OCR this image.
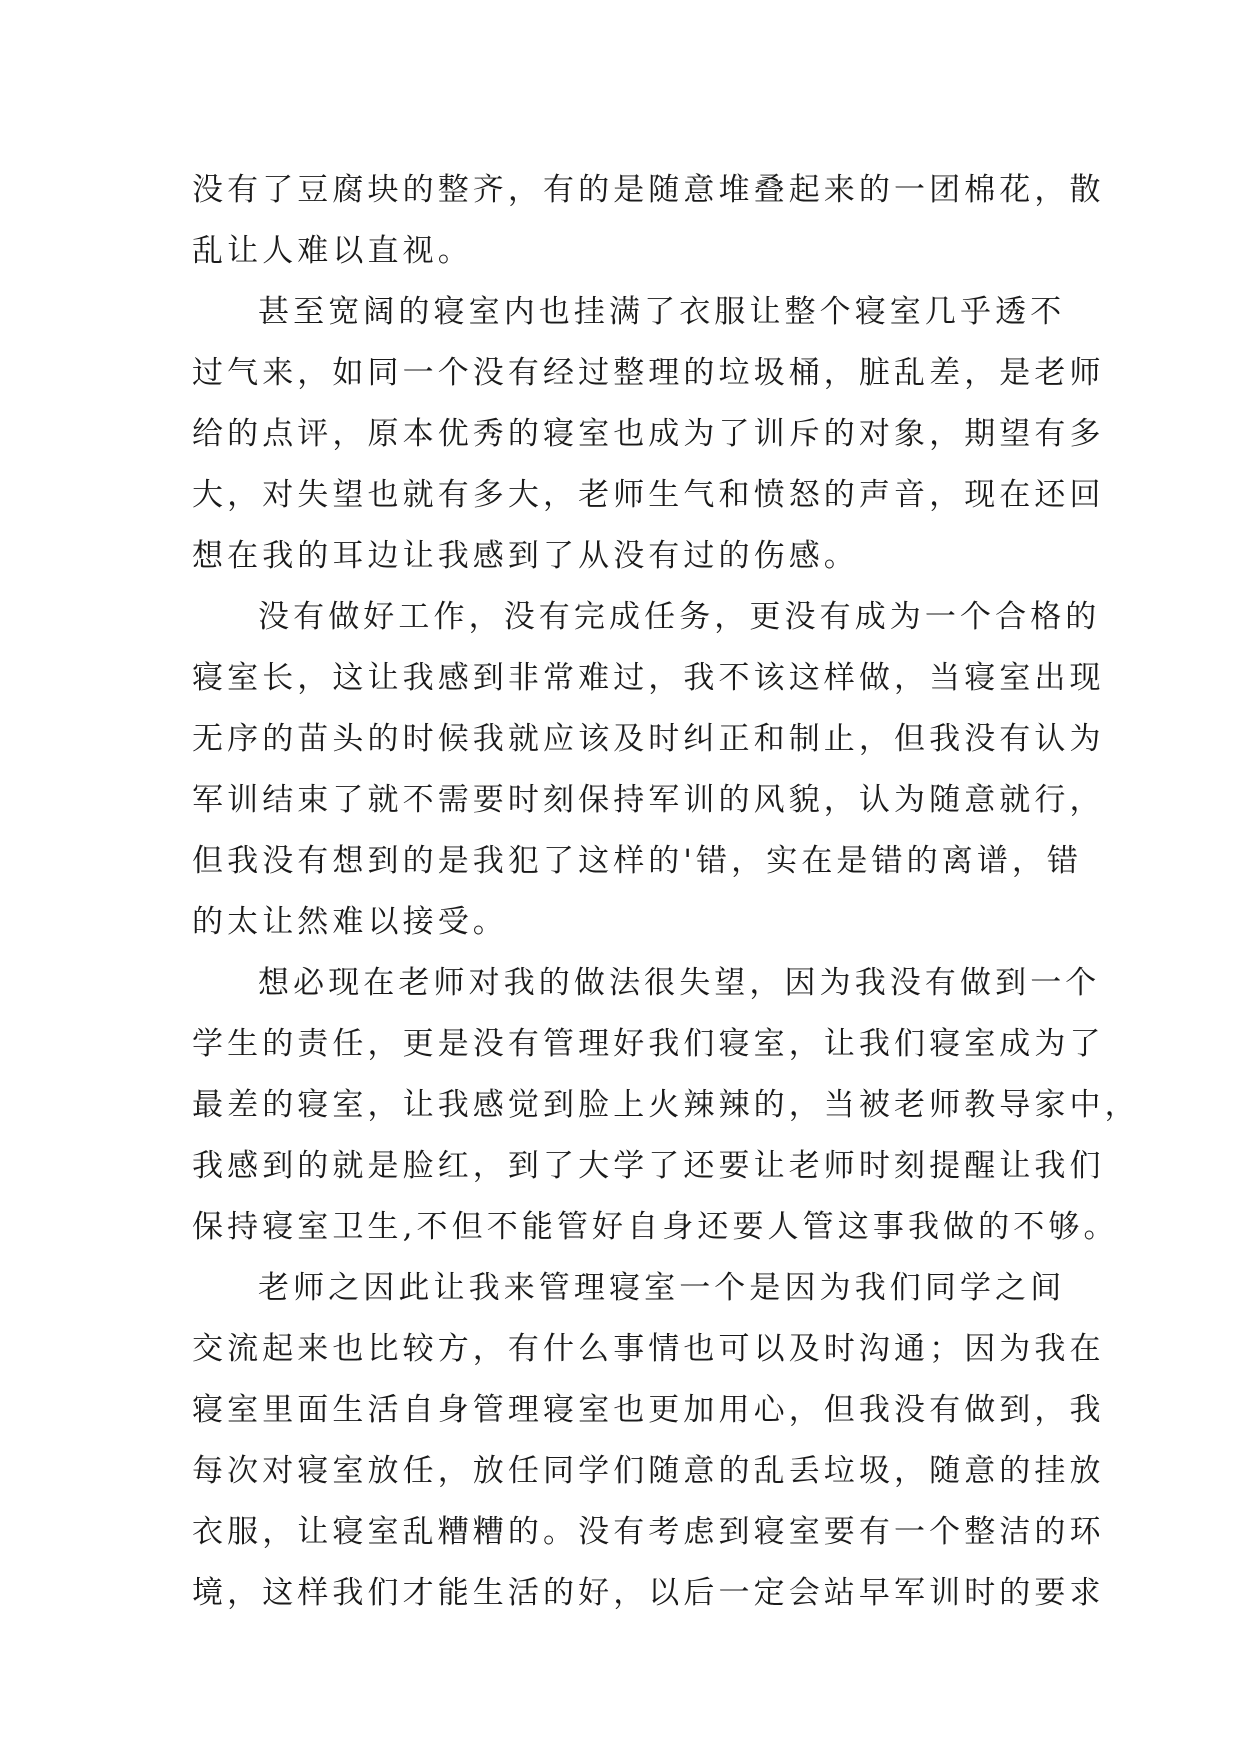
没有了豆腐块的整齐，有的是随意堆叠起来的一团棉花，散
乱让人难以直视。
甚至宽阔的寝室内也挂满了衣服让整个寝室几乎透不
过气来，如同一个没有经过整理的垃圾桶，脏乱差，是老师
给的点评，原本优秀的寝室也成为了训斥的对象，期望有多
大，对失望也就有多大，老师生气和愤怒的声音，现在还回
想在我的耳边让我感到了从没有过的伤感。
没有做好工作，没有完成任务，更没有成为一个合格的
寝室长，这让我感到非常难过，我不该这样做，当寝室出现
无序的苗头的时候我就应该及时纠正和制止，但我没有认为
军训结束了就不需要时刻保持军训的风貌，认为随意就行，
但我没有想到的是我犯了这样的'错，实在是错的离谱，错
的太让然难以接受。
想必现在老师对我的做法很失望，因为我没有做到一个
学生的责任，更是没有管理好我们寝室，让我们寝室成为了
最差的寝室，让我感觉到脸上火辣辣的，当被老师教导家中，
我感到的就是脸红，到了大学了还要让老师时刻提醒让我们
保持寝室卫生,不但不能管好自身还要人管这事我做的不够。
老师之因此让我来管理寝室一个是因为我们同学之间
交流起来也比较方，有什么事情也可以及时沟通；因为我在
寝室里面生活自身管理寝室也更加用心，但我没有做到，我
每次对寝室放任，放任同学们随意的乱丢垃圾，随意的挂放
衣服，让寝室乱糟糟的。没有考虑到寝室要有一个整洁的环
境，这样我们才能生活的好，以后一定会站早军训时的要求
